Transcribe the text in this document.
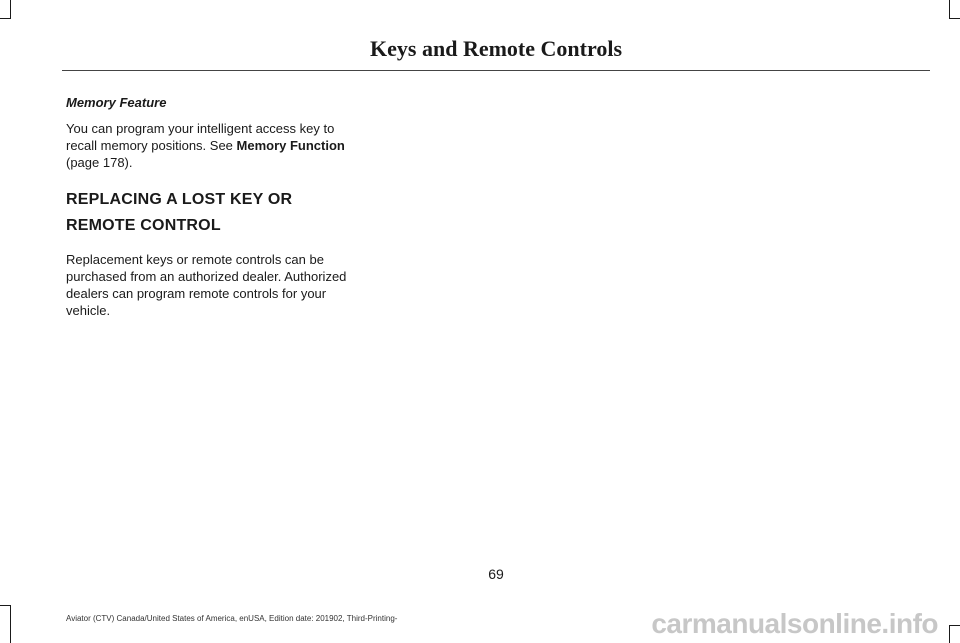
Keys and Remote Controls

Memory Feature

You can program your intelligent access key to recall memory positions. See Memory Function (page 178).

REPLACING A LOST KEY OR REMOTE CONTROL

Replacement keys or remote controls can be purchased from an authorized dealer. Authorized dealers can program remote controls for your vehicle.

69
Aviator (CTV) Canada/United States of America, enUSA, Edition date: 201902, Third-Printing-	carmanualsonline.info
